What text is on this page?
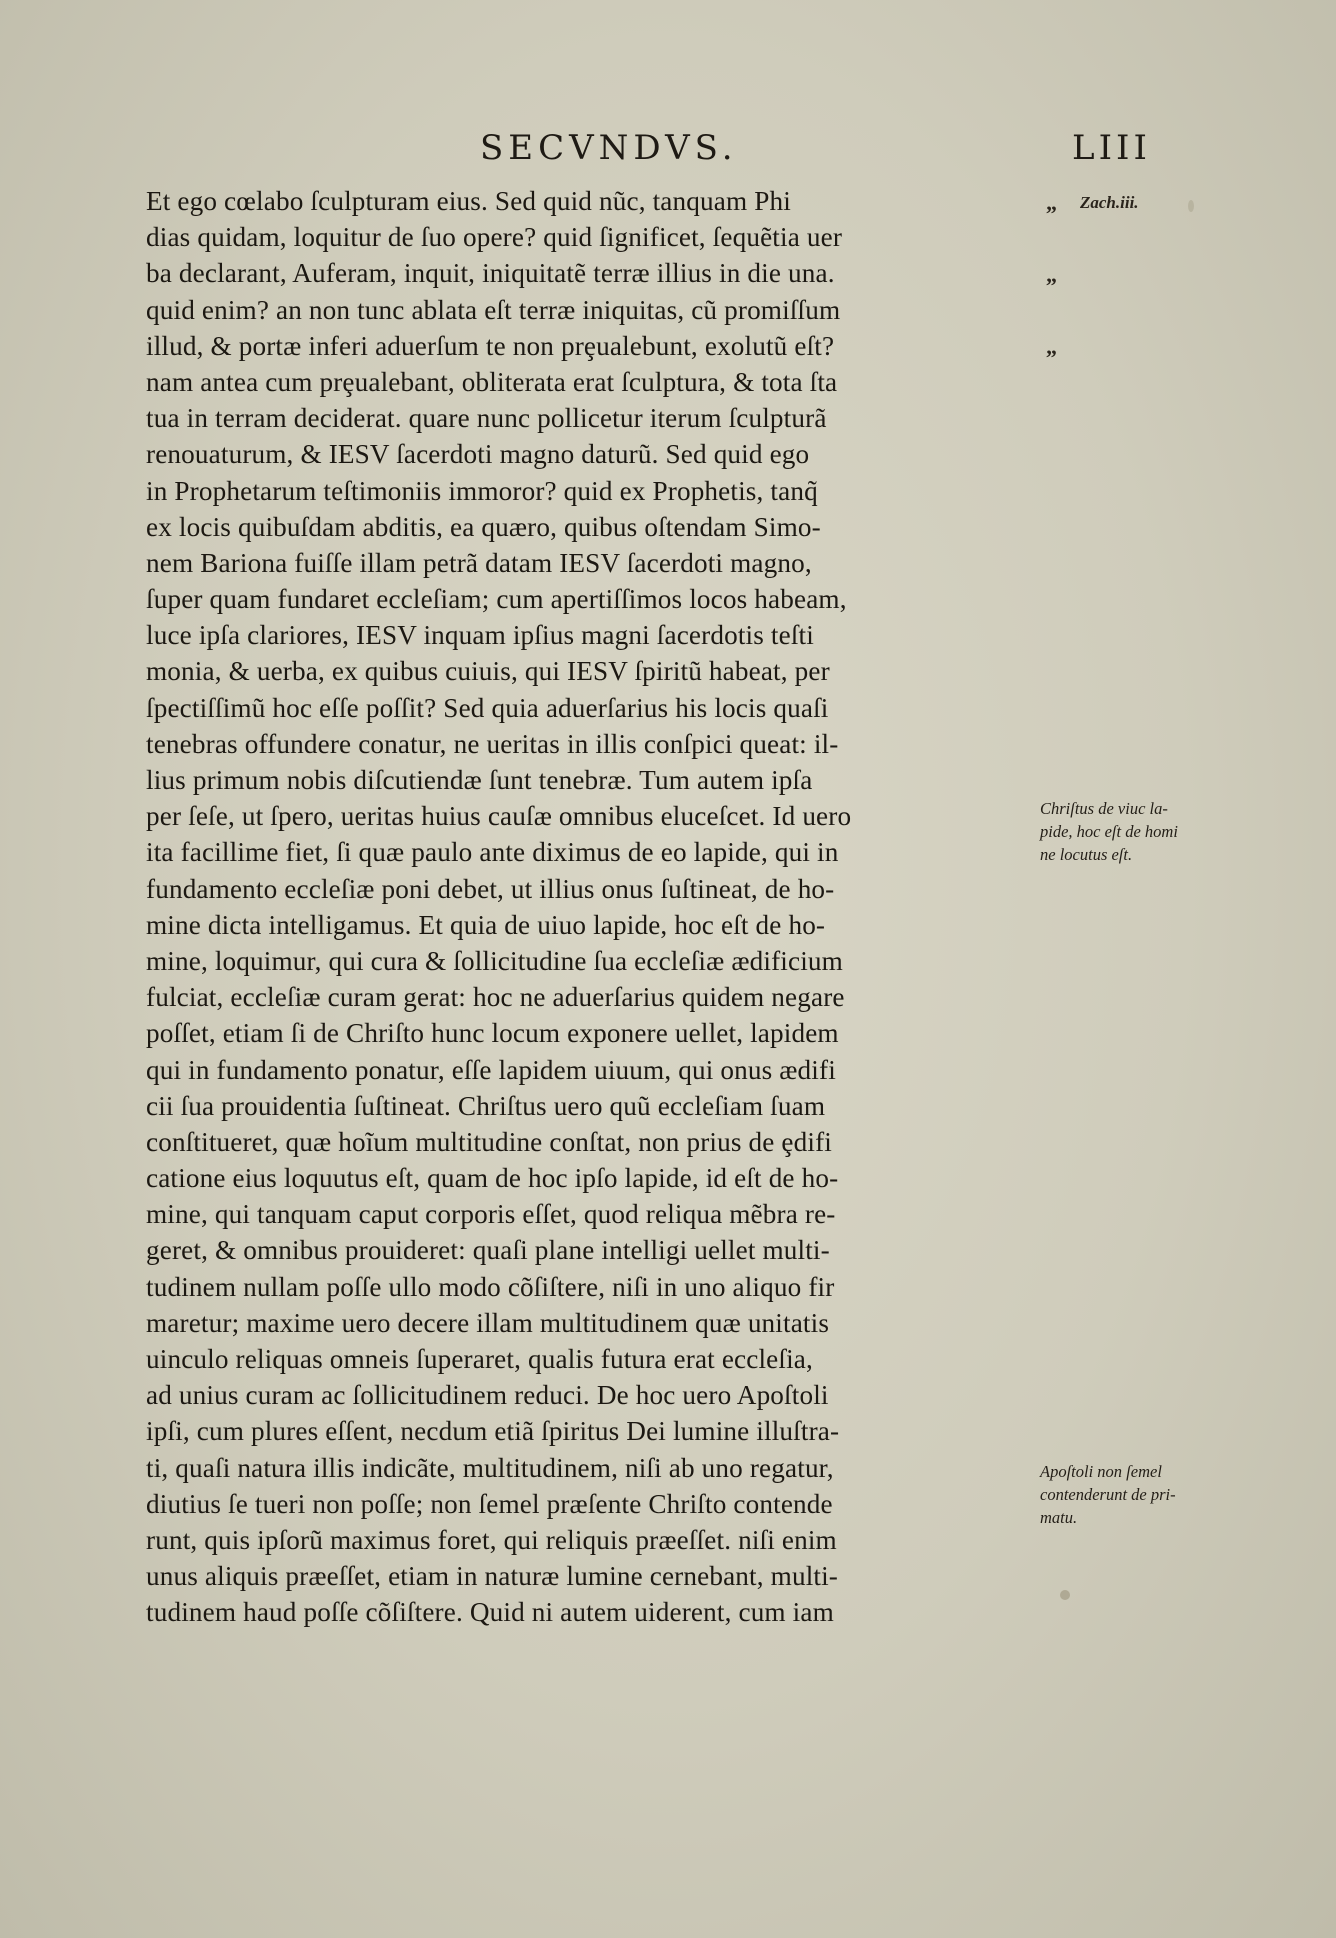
SECVNDVS.	LIII
Et ego cœlabo ſculpturam eius. Sed quid nũc, tanquam Phi
dias quidam, loquitur de ſuo opere? quid ſignificet, ſequẽtia uer
ba declarant, Auferam, inquit, iniquitatẽ terræ illius in die una.
quid enim? an non tunc ablata eſt terræ iniquitas, cũ promiſſum
illud, & portæ inferi aduerſum te non prȩualebunt, exolutũ eſt?
nam antea cum prȩualebant, obliterata erat ſculptura, & tota ſta
tua in terram deciderat. quare nunc pollicetur iterum ſculpturã
renouaturum, & IESV ſacerdoti magno daturũ. Sed quid ego
in Prophetarum teſtimoniis immoror? quid ex Prophetis, tanq̃
ex locis quibuſdam abditis, ea quæro, quibus oſtendam Simo-
nem Bariona fuiſſe illam petrã datam IESV ſacerdoti magno,
ſuper quam fundaret eccleſiam; cum apertiſſimos locos habeam,
luce ipſa clariores, IESV inquam ipſius magni ſacerdotis teſti
monia, & uerba, ex quibus cuiuis, qui IESV ſpiritũ habeat, per
ſpectiſſimũ hoc eſſe poſſit? Sed quia aduerſarius his locis quaſi
tenebras offundere conatur, ne ueritas in illis conſpici queat: il-
lius primum nobis diſcutiendæ ſunt tenebræ. Tum autem ipſa
per ſeſe, ut ſpero, ueritas huius cauſæ omnibus eluceſcet. Id uero
ita facillime fiet, ſi quæ paulo ante diximus de eo lapide, qui in
fundamento eccleſiæ poni debet, ut illius onus ſuſtineat, de ho-
mine dicta intelligamus. Et quia de uiuo lapide, hoc eſt de ho-
mine, loquimur, qui cura & ſollicitudine ſua eccleſiæ ædificium
fulciat, eccleſiæ curam gerat: hoc ne aduerſarius quidem negare
poſſet, etiam ſi de Chriſto hunc locum exponere uellet, lapidem
qui in fundamento ponatur, eſſe lapidem uiuum, qui onus ædifi
cii ſua prouidentia ſuſtineat. Chriſtus uero quũ eccleſiam ſuam
conſtitueret, quæ hoĩum multitudine conſtat, non prius de ȩdifi
catione eius loquutus eſt, quam de hoc ipſo lapide, id eſt de ho-
mine, qui tanquam caput corporis eſſet, quod reliqua mẽbra re-
geret, & omnibus prouideret: quaſi plane intelligi uellet multi-
tudinem nullam poſſe ullo modo cõſiſtere, niſi in uno aliquo fir
maretur; maxime uero decere illam multitudinem quæ unitatis
uinculo reliquas omneis ſuperaret, qualis futura erat eccleſia,
ad unius curam ac ſollicitudinem reduci. De hoc uero Apoſtoli
ipſi, cum plures eſſent, necdum etiã ſpiritus Dei lumine illuſtra-
ti, quaſi natura illis indicãte, multitudinem, niſi ab uno regatur,
diutius ſe tueri non poſſe; non ſemel præſente Chriſto contende
runt, quis ipſorũ maximus foret, qui reliquis præeſſet. niſi enim
unus aliquis præeſſet, etiam in naturæ lumine cernebant, multi-
tudinem haud poſſe cõſiſtere. Quid ni autem uiderent, cum iam
„
„
„
Zach.iii.
Chriſtus de viuc la-
pide, hoc eſt de homi
ne locutus eſt.
Apoſtoli non ſemel
contenderunt de pri-
matu.
